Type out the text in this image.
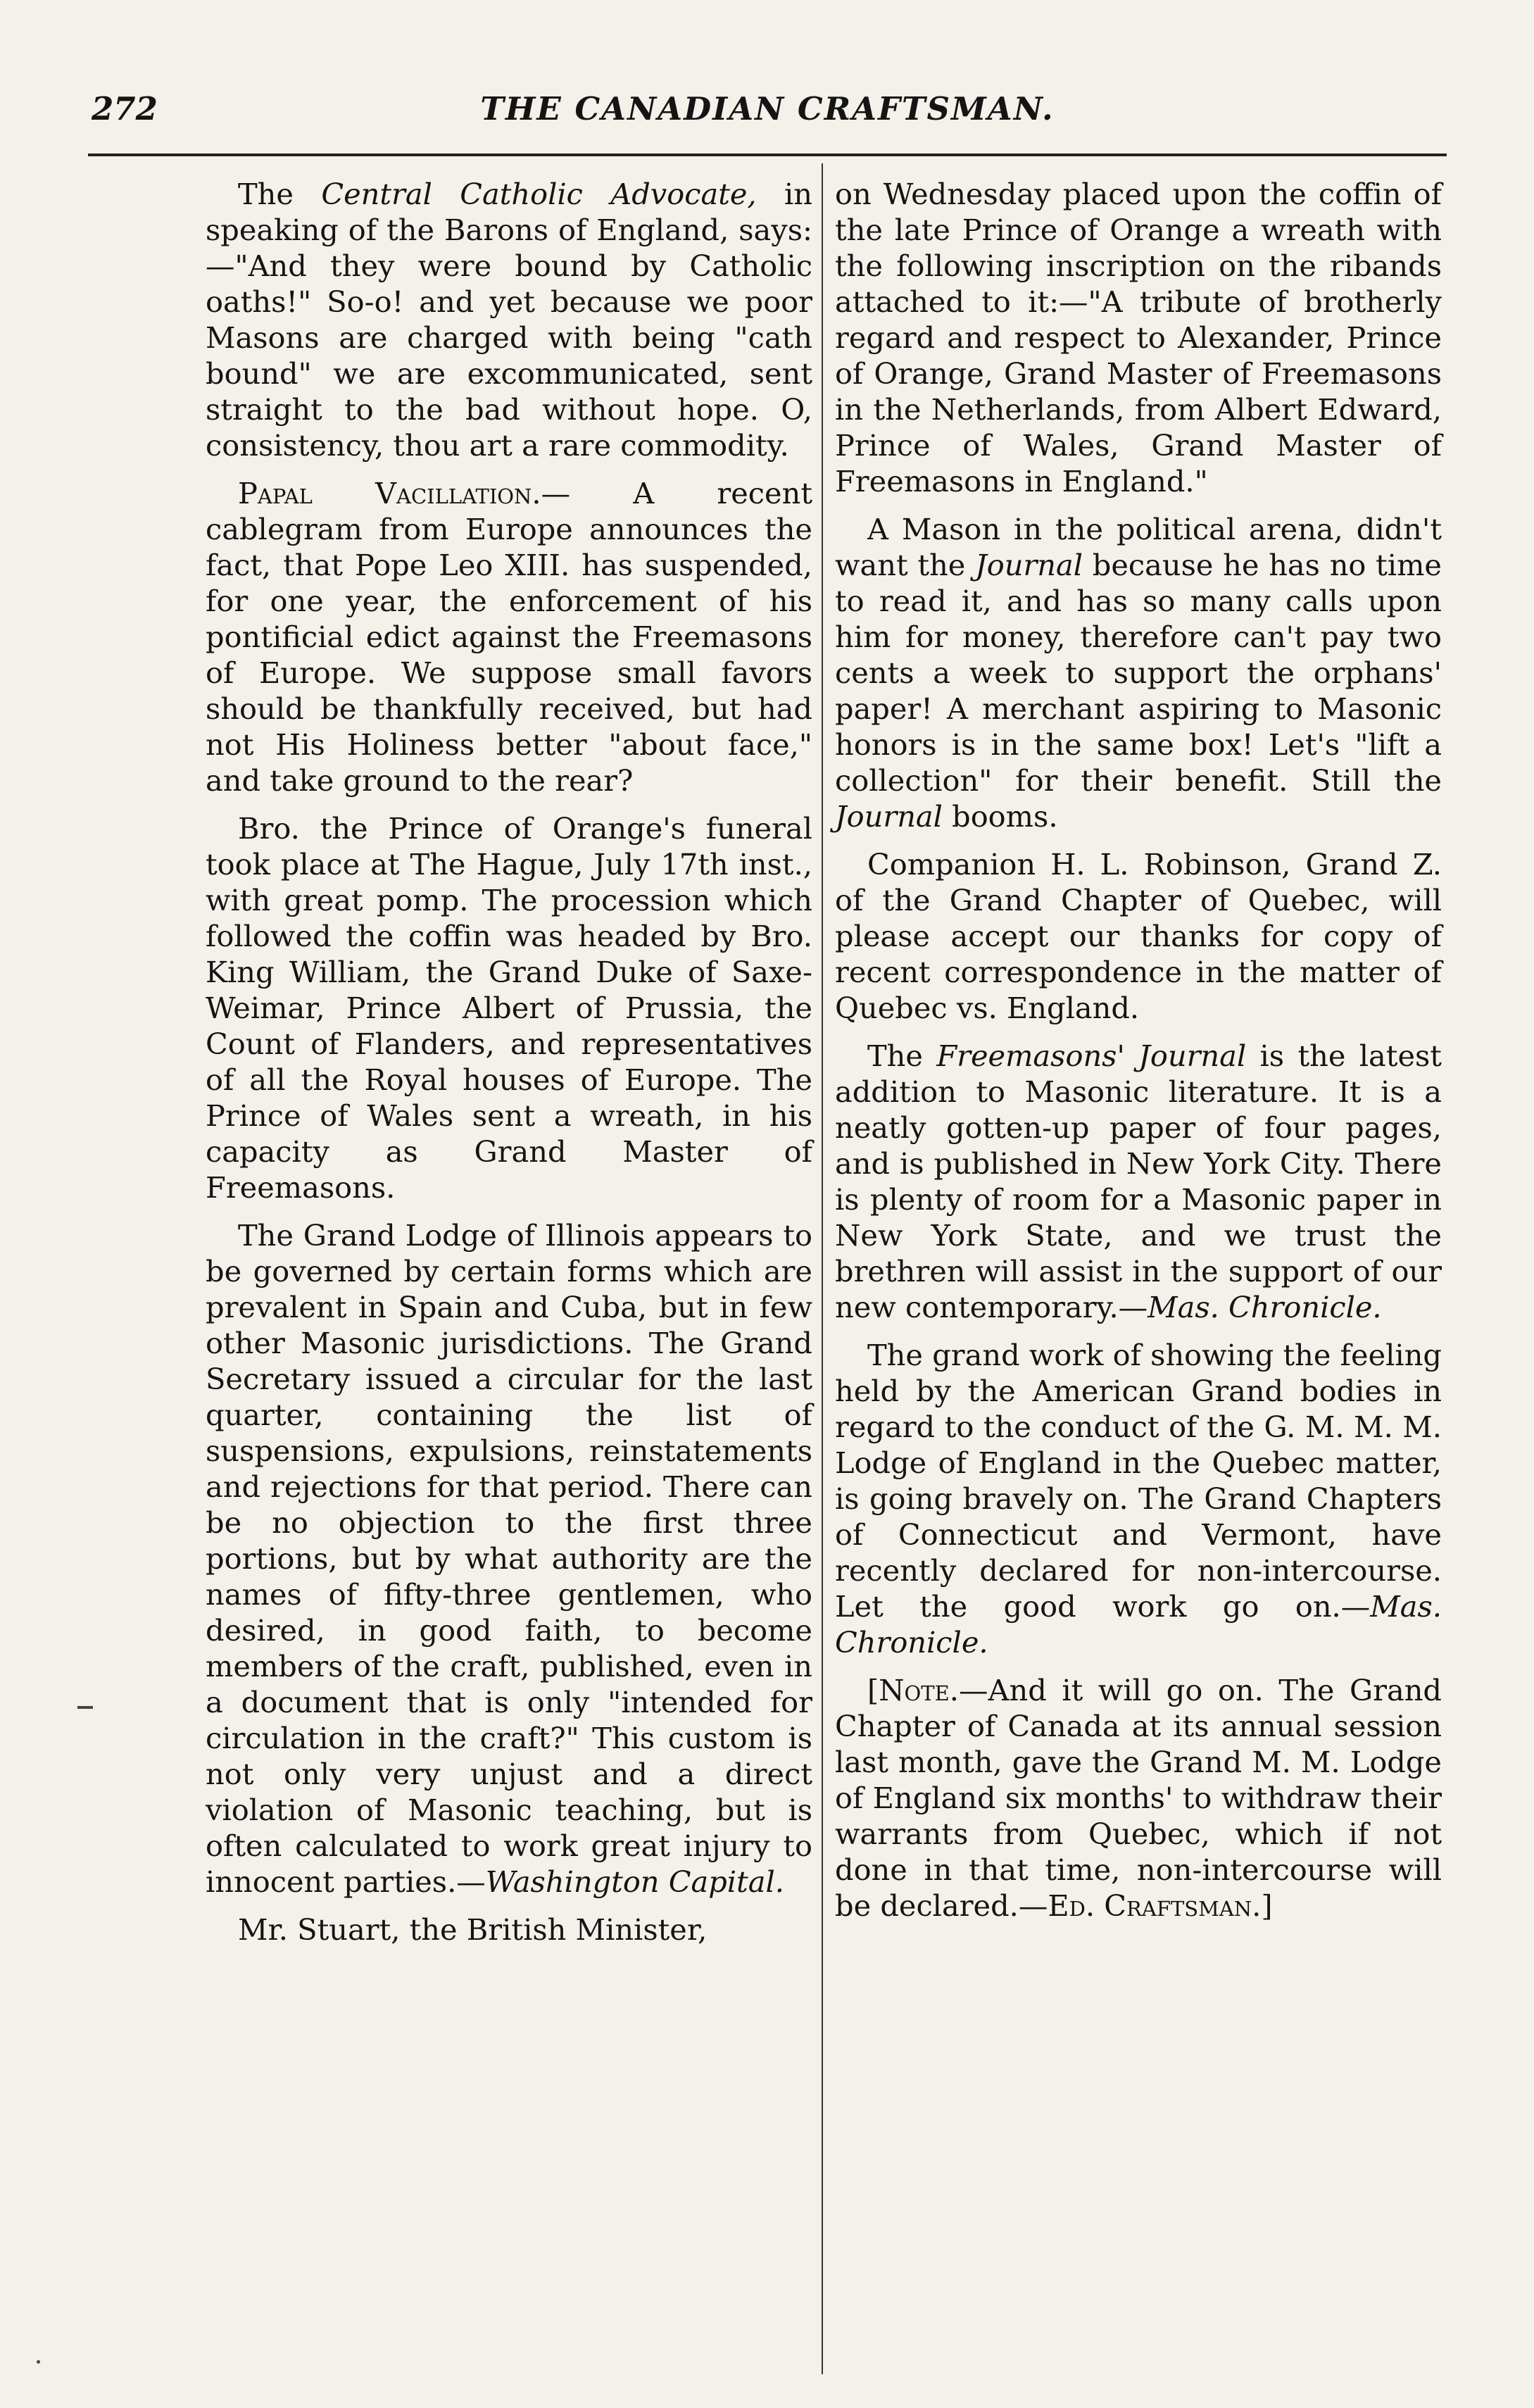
272	THE CANADIAN CRAFTSMAN.

The Central Catholic Advocate, in speaking of the Barons of England, says:—"And they were bound by Catholic oaths!" So-o! and yet because we poor Masons are charged with being "cath bound" we are excommunicated, sent straight to the bad without hope. O, consistency, thou art a rare commodity.

Papal Vacillation.— A recent cablegram from Europe announces the fact, that Pope Leo XIII. has suspended, for one year, the enforcement of his pontificial edict against the Freemasons of Europe. We suppose small favors should be thankfully received, but had not His Holiness better "about face," and take ground to the rear?

Bro. the Prince of Orange's funeral took place at The Hague, July 17th inst., with great pomp. The procession which followed the coffin was headed by Bro. King William, the Grand Duke of Saxe-Weimar, Prince Albert of Prussia, the Count of Flanders, and representatives of all the Royal houses of Europe. The Prince of Wales sent a wreath, in his capacity as Grand Master of Freemasons.

The Grand Lodge of Illinois appears to be governed by certain forms which are prevalent in Spain and Cuba, but in few other Masonic jurisdictions. The Grand Secretary issued a circular for the last quarter, containing the list of suspensions, expulsions, reinstatements and rejections for that period. There can be no objection to the first three portions, but by what authority are the names of fifty-three gentlemen, who desired, in good faith, to become members of the craft, published, even in a document that is only "intended for circulation in the craft?" This custom is not only very unjust and a direct violation of Masonic teaching, but is often calculated to work great injury to innocent parties.—Washington Capital.

Mr. Stuart, the British Minister,

on Wednesday placed upon the coffin of the late Prince of Orange a wreath with the following inscription on the ribands attached to it:—"A tribute of brotherly regard and respect to Alexander, Prince of Orange, Grand Master of Freemasons in the Netherlands, from Albert Edward, Prince of Wales, Grand Master of Freemasons in England."

A Mason in the political arena, didn't want the Journal because he has no time to read it, and has so many calls upon him for money, therefore can't pay two cents a week to support the orphans' paper! A merchant aspiring to Masonic honors is in the same box! Let's "lift a collection" for their benefit. Still the Journal booms.

Companion H. L. Robinson, Grand Z. of the Grand Chapter of Quebec, will please accept our thanks for copy of recent correspondence in the matter of Quebec vs. England.

The Freemasons' Journal is the latest addition to Masonic literature. It is a neatly gotten-up paper of four pages, and is published in New York City. There is plenty of room for a Masonic paper in New York State, and we trust the brethren will assist in the support of our new contemporary.—Mas. Chronicle.

The grand work of showing the feeling held by the American Grand bodies in regard to the conduct of the G. M. M. M. Lodge of England in the Quebec matter, is going bravely on. The Grand Chapters of Connecticut and Vermont, have recently declared for non-intercourse. Let the good work go on.—Mas. Chronicle.

[Note.—And it will go on. The Grand Chapter of Canada at its annual session last month, gave the Grand M. M. Lodge of England six months' to withdraw their warrants from Quebec, which if not done in that time, non-intercourse will be declared.—Ed. Craftsman.]
